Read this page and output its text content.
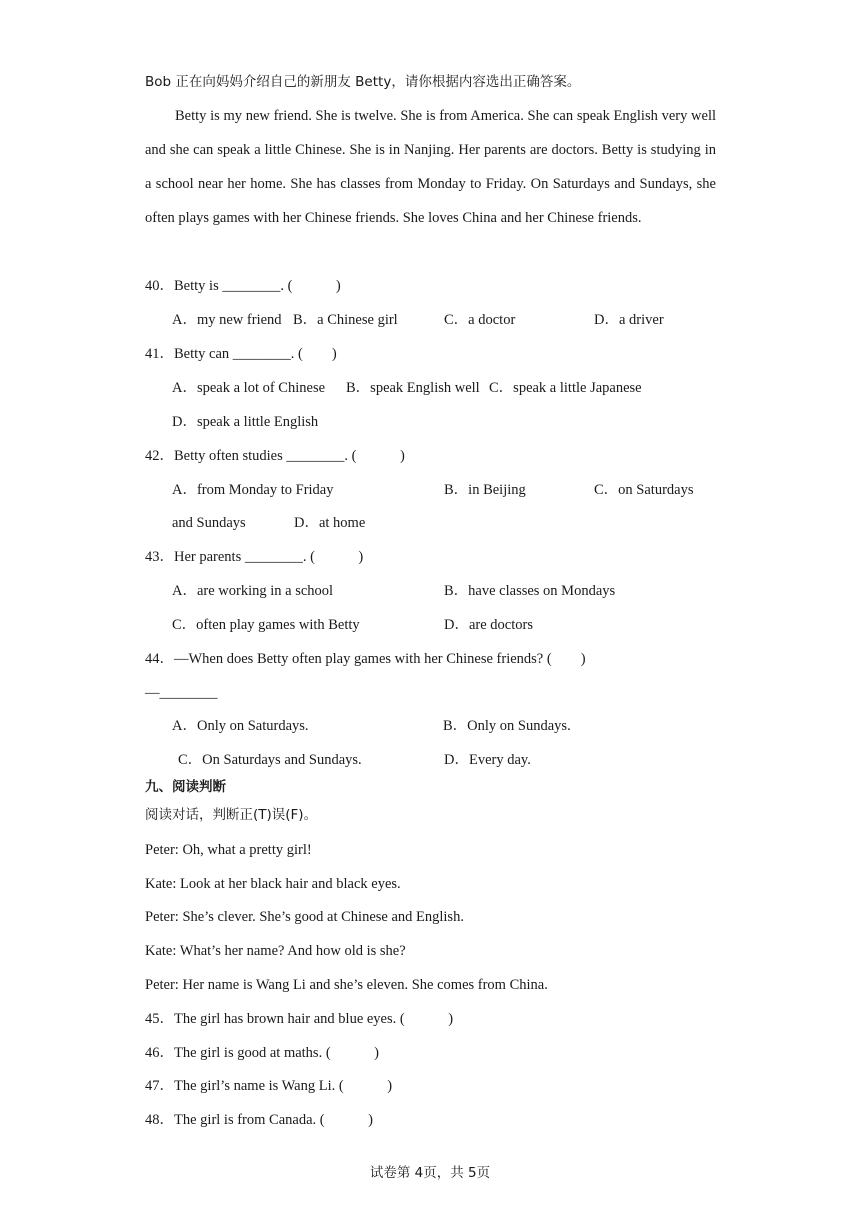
Bob 正在向妈妈介绍自己的新朋友 Betty，请你根据内容选出正确答案。

Betty is my new friend. She is twelve. She is from America. She can speak English very well and she can speak a little Chinese. She is in Nanjing. Her parents are doctors. Betty is studying in a school near her home. She has classes from Monday to Friday. On Saturdays and Sundays, she often plays games with her Chinese friends. She loves China and her Chinese friends.

40．Betty is ________. (　　　)
A．my new friend B．a Chinese girl	C．a doctor	D．a driver
41．Betty can ________. (　　)
A．speak a lot of Chinese B．speak English well C．speak a little Japanese
D．speak a little English
42．Betty often studies ________. (　　　)
A．from Monday to Friday	B．in Beijing	C．on Saturdays
and Sundays	D．at home
43．Her parents ________. (　　　)
A．are working in a school	B．have classes on Mondays
C．often play games with Betty	D．are doctors
44．—When does Betty often play games with her Chinese friends? (　　)
—________
A．Only on Saturdays.	B．Only on Sundays.
C．On Saturdays and Sundays.	D．Every day.
九、阅读判断
阅读对话，判断正(T)误(F)。
Peter: Oh, what a pretty girl!
Kate: Look at her black hair and black eyes.
Peter: She’s clever. She’s good at Chinese and English.
Kate: What’s her name? And how old is she?
Peter: Her name is Wang Li and she’s eleven. She comes from China.
45．The girl has brown hair and blue eyes. (　　　)
46．The girl is good at maths. (　　　)
47．The girl’s name is Wang Li. (　　　)
48．The girl is from Canada. (　　　)
试卷第 4页，共 5页
